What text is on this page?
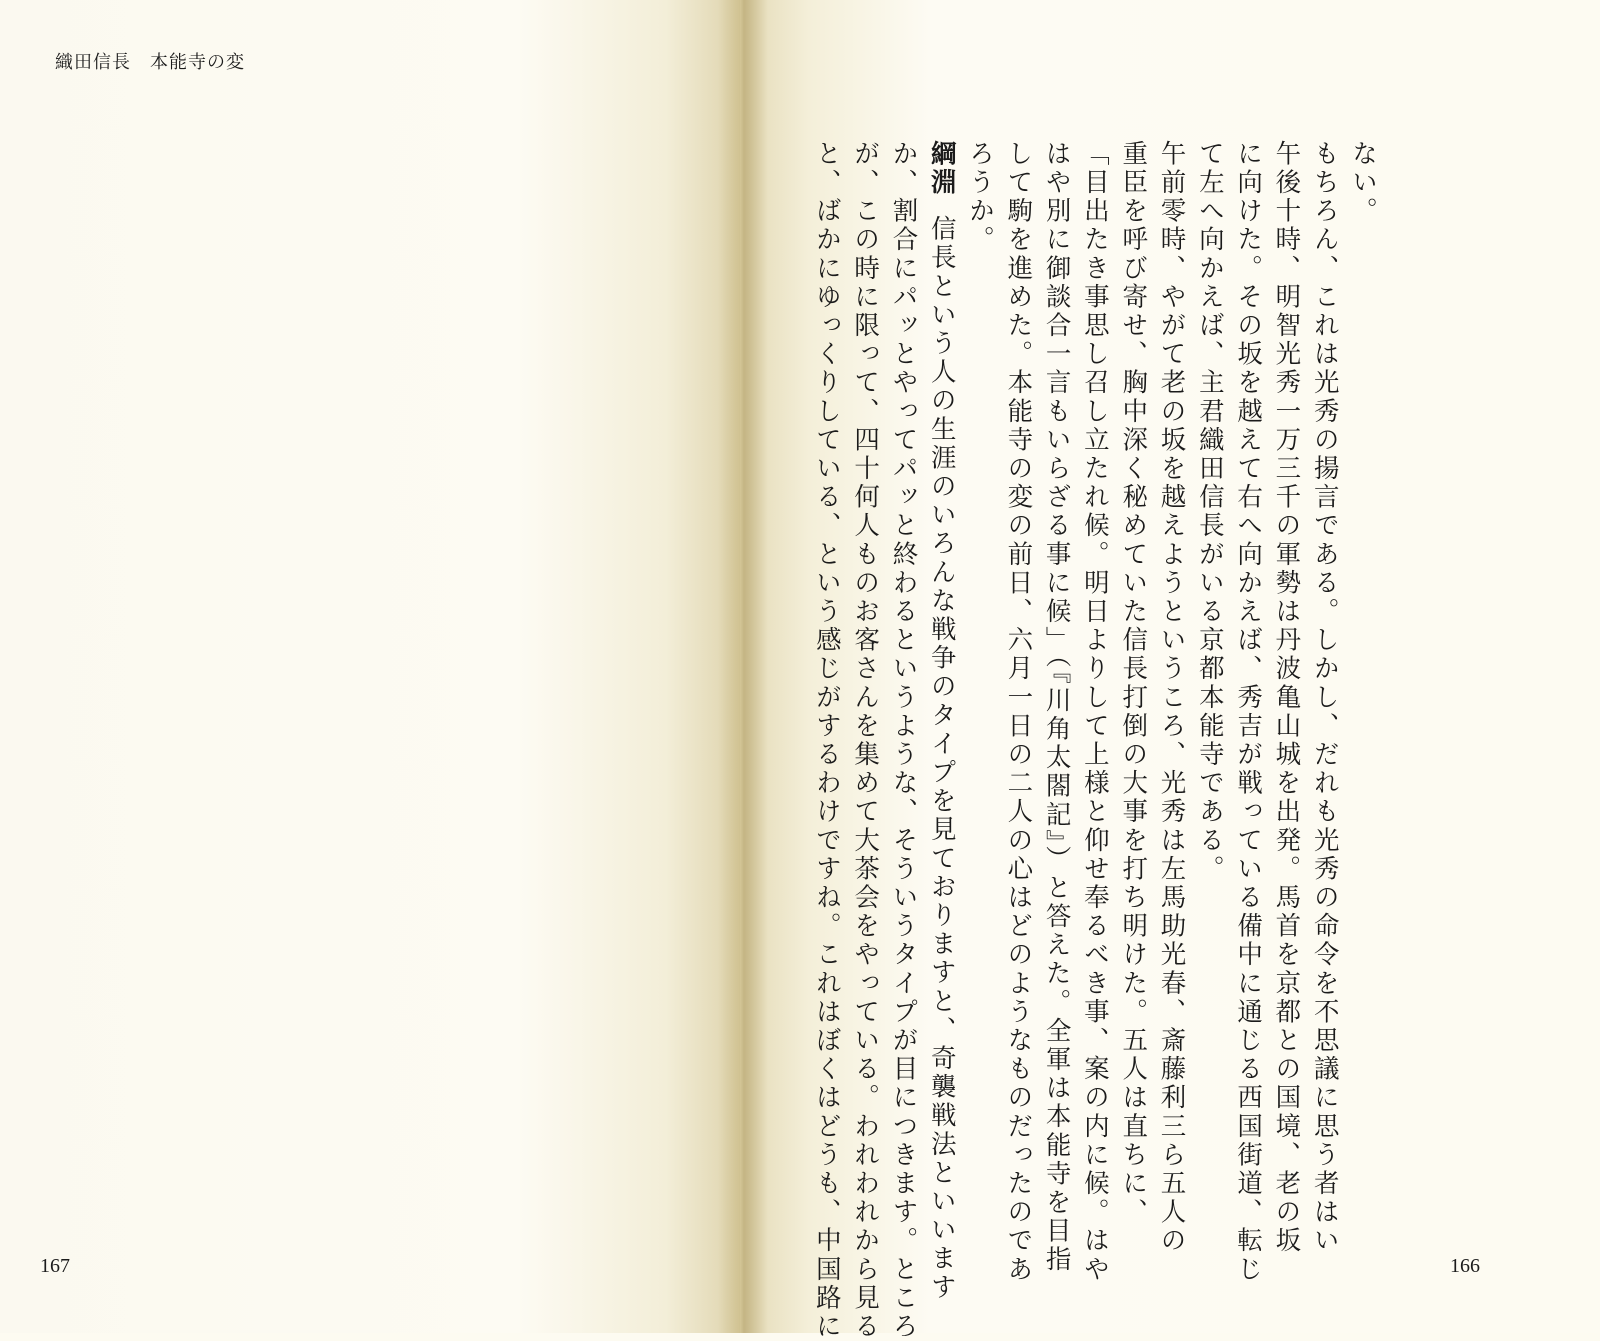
織田信長　本能寺の変
167
ない。
もちろん、これは光秀の揚言である。しかし、だれも光秀の命令を不思議に思う者はい
午後十時、明智光秀一万三千の軍勢は丹波亀山城を出発。馬首を京都との国境、老の坂
に向けた。その坂を越えて右へ向かえば、秀吉が戦っている備中に通じる西国街道、転じ
て左へ向かえば、主君織田信長がいる京都本能寺である。
午前零時、やがて老の坂を越えようというころ、光秀は左馬助光春、斎藤利三ら五人の
重臣を呼び寄せ、胸中深く秘めていた信長打倒の大事を打ち明けた。五人は直ちに、
「目出たき事思し召し立たれ候。明日よりして上様と仰せ奉るべき事、案の内に候。はや
はや別に御談合一言もいらざる事に候」（『川角太閤記』）と答えた。全軍は本能寺を目指
して駒を進めた。本能寺の変の前日、六月一日の二人の心はどのようなものだったのであ
ろうか。
綱淵信長という人の生涯のいろんな戦争のタイプを見ておりますと、奇襲戦法といいます
か、割合にパッとやってパッと終わるというような、そういうタイプが目につきます。ところ
が、この時に限って、四十何人ものお客さんを集めて大茶会をやっている。われわれから見る
と、ばかにゆっくりしている、という感じがするわけですね。これはぼくはどうも、中国路に	166
